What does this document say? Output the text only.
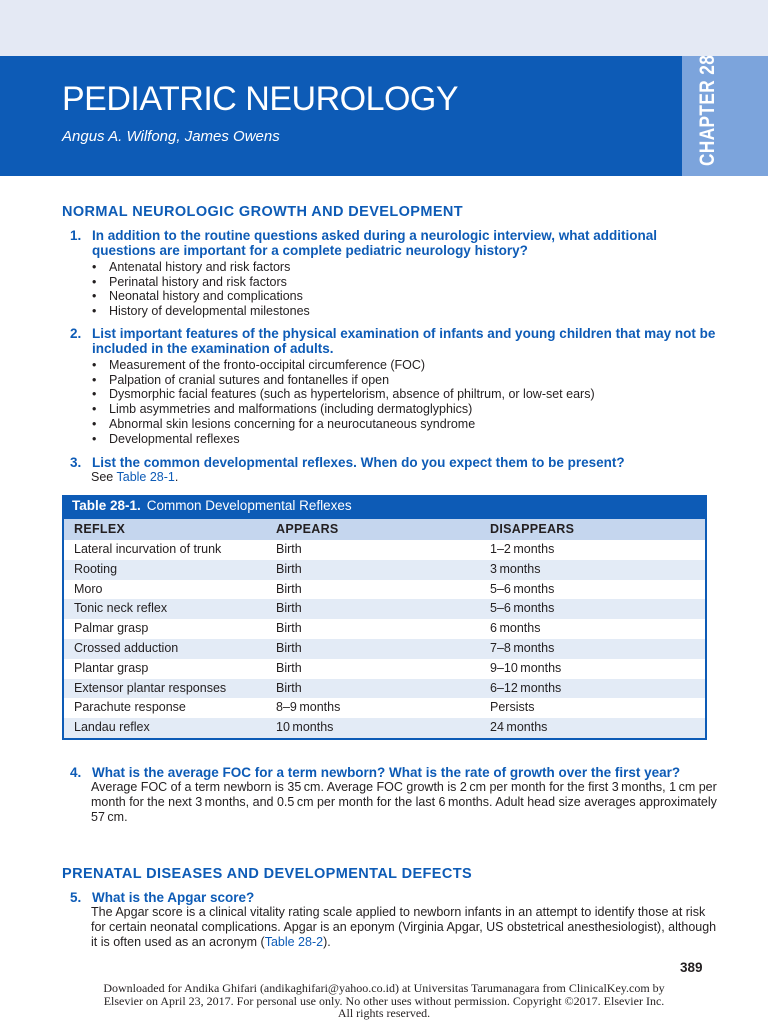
CHAPTER 28
PEDIATRIC NEUROLOGY
Angus A. Wilfong, James Owens
NORMAL NEUROLOGIC GROWTH AND DEVELOPMENT
1. In addition to the routine questions asked during a neurologic interview, what additional questions are important for a complete pediatric neurology history?
• Antenatal history and risk factors
• Perinatal history and risk factors
• Neonatal history and complications
• History of developmental milestones
2. List important features of the physical examination of infants and young children that may not be included in the examination of adults.
• Measurement of the fronto-occipital circumference (FOC)
• Palpation of cranial sutures and fontanelles if open
• Dysmorphic facial features (such as hypertelorism, absence of philtrum, or low-set ears)
• Limb asymmetries and malformations (including dermatoglyphics)
• Abnormal skin lesions concerning for a neurocutaneous syndrome
• Developmental reflexes
3. List the common developmental reflexes. When do you expect them to be present?
See Table 28-1.
Table 28-1. Common Developmental Reflexes
REFLEX	APPEARS	DISAPPEARS
Lateral incurvation of trunk	Birth	1–2 months
Rooting	Birth	3 months
Moro	Birth	5–6 months
Tonic neck reflex	Birth	5–6 months
Palmar grasp	Birth	6 months
Crossed adduction	Birth	7–8 months
Plantar grasp	Birth	9–10 months
Extensor plantar responses	Birth	6–12 months
Parachute response	8–9 months	Persists
Landau reflex	10 months	24 months
4. What is the average FOC for a term newborn? What is the rate of growth over the first year?
Average FOC of a term newborn is 35 cm. Average FOC growth is 2 cm per month for the first 3 months, 1 cm per month for the next 3 months, and 0.5 cm per month for the last 6 months. Adult head size averages approximately 57 cm.
PRENATAL DISEASES AND DEVELOPMENTAL DEFECTS
5. What is the Apgar score?
The Apgar score is a clinical vitality rating scale applied to newborn infants in an attempt to identify those at risk for certain neonatal complications. Apgar is an eponym (Virginia Apgar, US obstetrical anesthesiologist), although it is often used as an acronym (Table 28-2).
389
Downloaded for Andika Ghifari (andikaghifari@yahoo.co.id) at Universitas Tarumanagara from ClinicalKey.com by
Elsevier on April 23, 2017. For personal use only. No other uses without permission. Copyright ©2017. Elsevier Inc.
All rights reserved.
